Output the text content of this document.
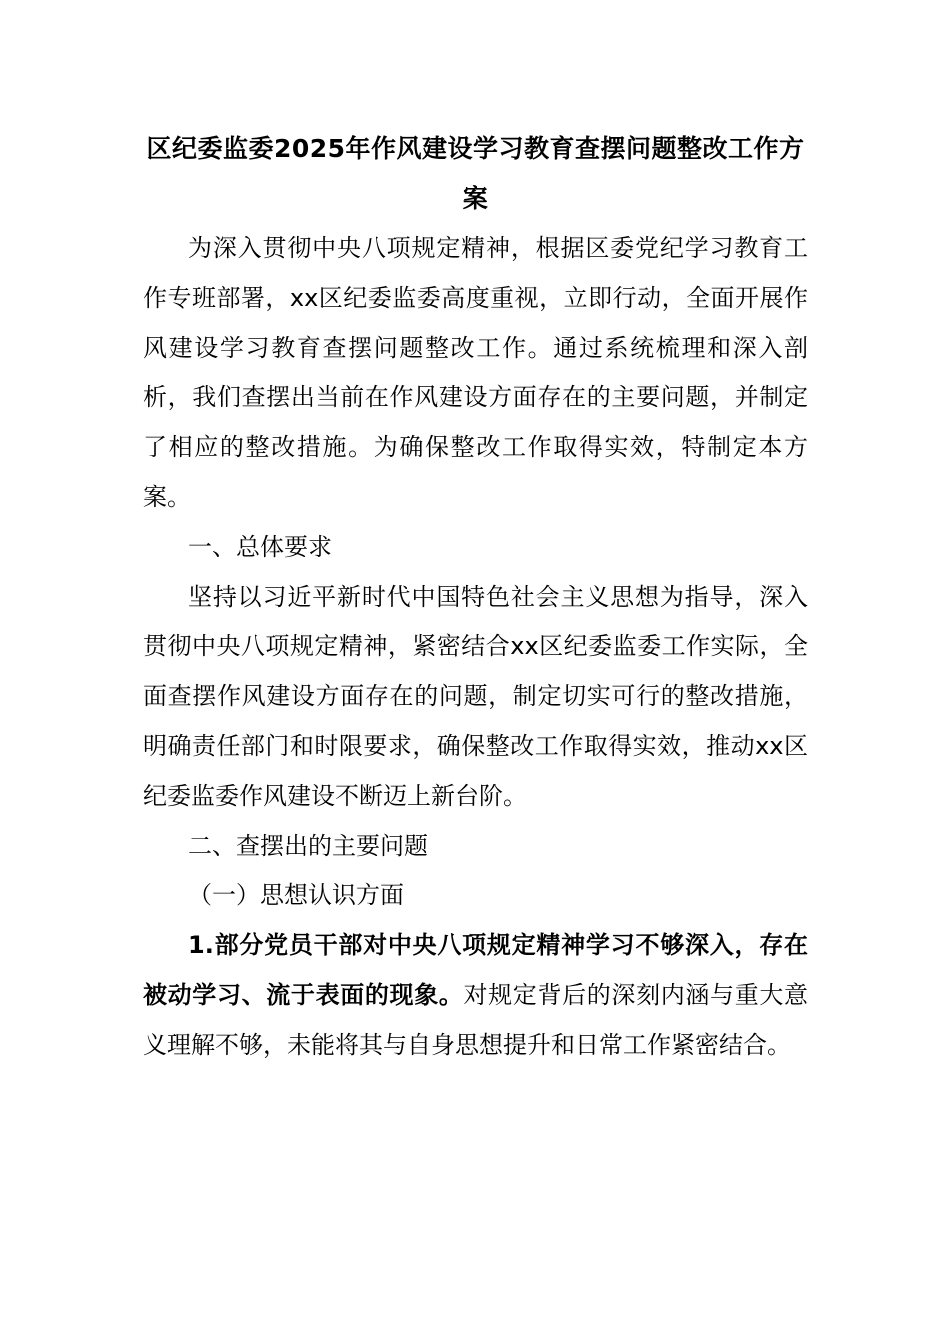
区纪委监委2025年作风建设学习教育查摆问题整改工作方案

为深入贯彻中央八项规定精神，根据区委党纪学习教育工作专班部署，xx区纪委监委高度重视，立即行动，全面开展作风建设学习教育查摆问题整改工作。通过系统梳理和深入剖析，我们查摆出当前在作风建设方面存在的主要问题，并制定了相应的整改措施。为确保整改工作取得实效，特制定本方案。

一、总体要求

坚持以习近平新时代中国特色社会主义思想为指导，深入贯彻中央八项规定精神，紧密结合xx区纪委监委工作实际，全面查摆作风建设方面存在的问题，制定切实可行的整改措施，明确责任部门和时限要求，确保整改工作取得实效，推动xx区纪委监委作风建设不断迈上新台阶。

二、查摆出的主要问题

（一）思想认识方面

1.部分党员干部对中央八项规定精神学习不够深入，存在被动学习、流于表面的现象。对规定背后的深刻内涵与重大意义理解不够，未能将其与自身思想提升和日常工作紧密结合。
